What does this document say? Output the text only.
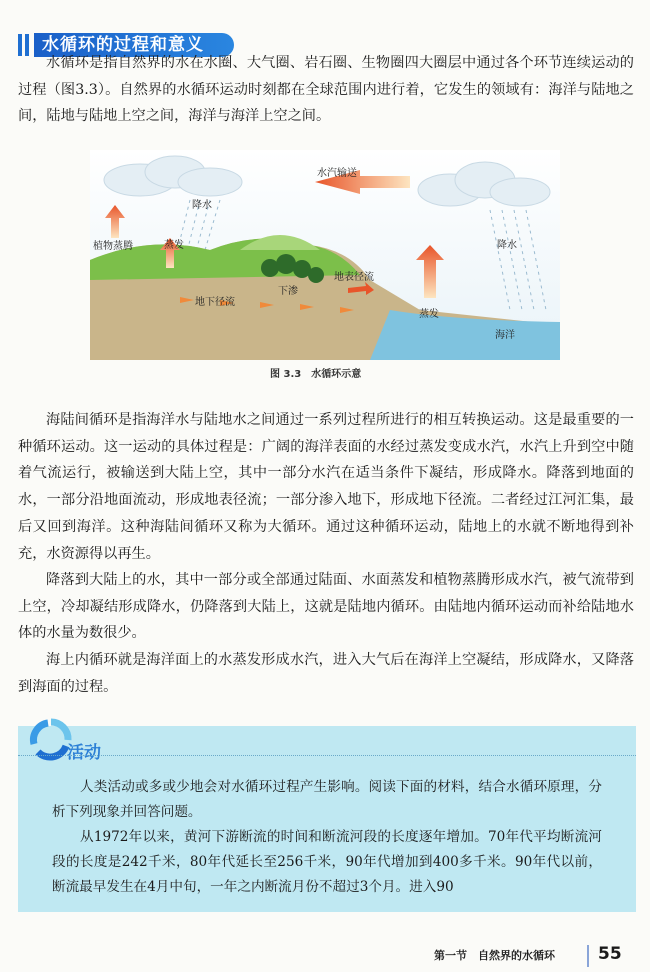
水循环的过程和意义
水循环是指自然界的水在水圈、大气圈、岩石圈、生物圈四大圈层中通过各个环节连续运动的过程（图3.3）。自然界的水循环运动时刻都在全球范围内进行着，它发生的领域有：海洋与陆地之间，陆地与陆地上空之间，海洋与海洋上空之间。
水汽输送
降水
植物蒸腾	蒸发
地表径流
下渗
地下径流
降水
蒸发
海洋
图 3.3　水循环示意
海陆间循环是指海洋水与陆地水之间通过一系列过程所进行的相互转换运动。这是最重要的一种循环运动。这一运动的具体过程是：广阔的海洋表面的水经过蒸发变成水汽，水汽上升到空中随着气流运行，被输送到大陆上空，其中一部分水汽在适当条件下凝结，形成降水。降落到地面的水，一部分沿地面流动，形成地表径流；一部分渗入地下，形成地下径流。二者经过江河汇集，最后又回到海洋。这种海陆间循环又称为大循环。通过这种循环运动，陆地上的水就不断地得到补充，水资源得以再生。
降落到大陆上的水，其中一部分或全部通过陆面、水面蒸发和植物蒸腾形成水汽，被气流带到上空，冷却凝结形成降水，仍降落到大陆上，这就是陆地内循环。由陆地内循环运动而补给陆地水体的水量为数很少。
海上内循环就是海洋面上的水蒸发形成水汽，进入大气后在海洋上空凝结，形成降水，又降落到海面的过程。
活动
人类活动或多或少地会对水循环过程产生影响。阅读下面的材料，结合水循环原理，分析下列现象并回答问题。
从1972年以来，黄河下游断流的时间和断流河段的长度逐年增加。70年代平均断流河段的长度是242千米，80年代延长至256千米，90年代增加到400多千米。90年代以前，断流最早发生在4月中旬，一年之内断流月份不超过3个月。进入90
第一节　自然界的水循环	55
